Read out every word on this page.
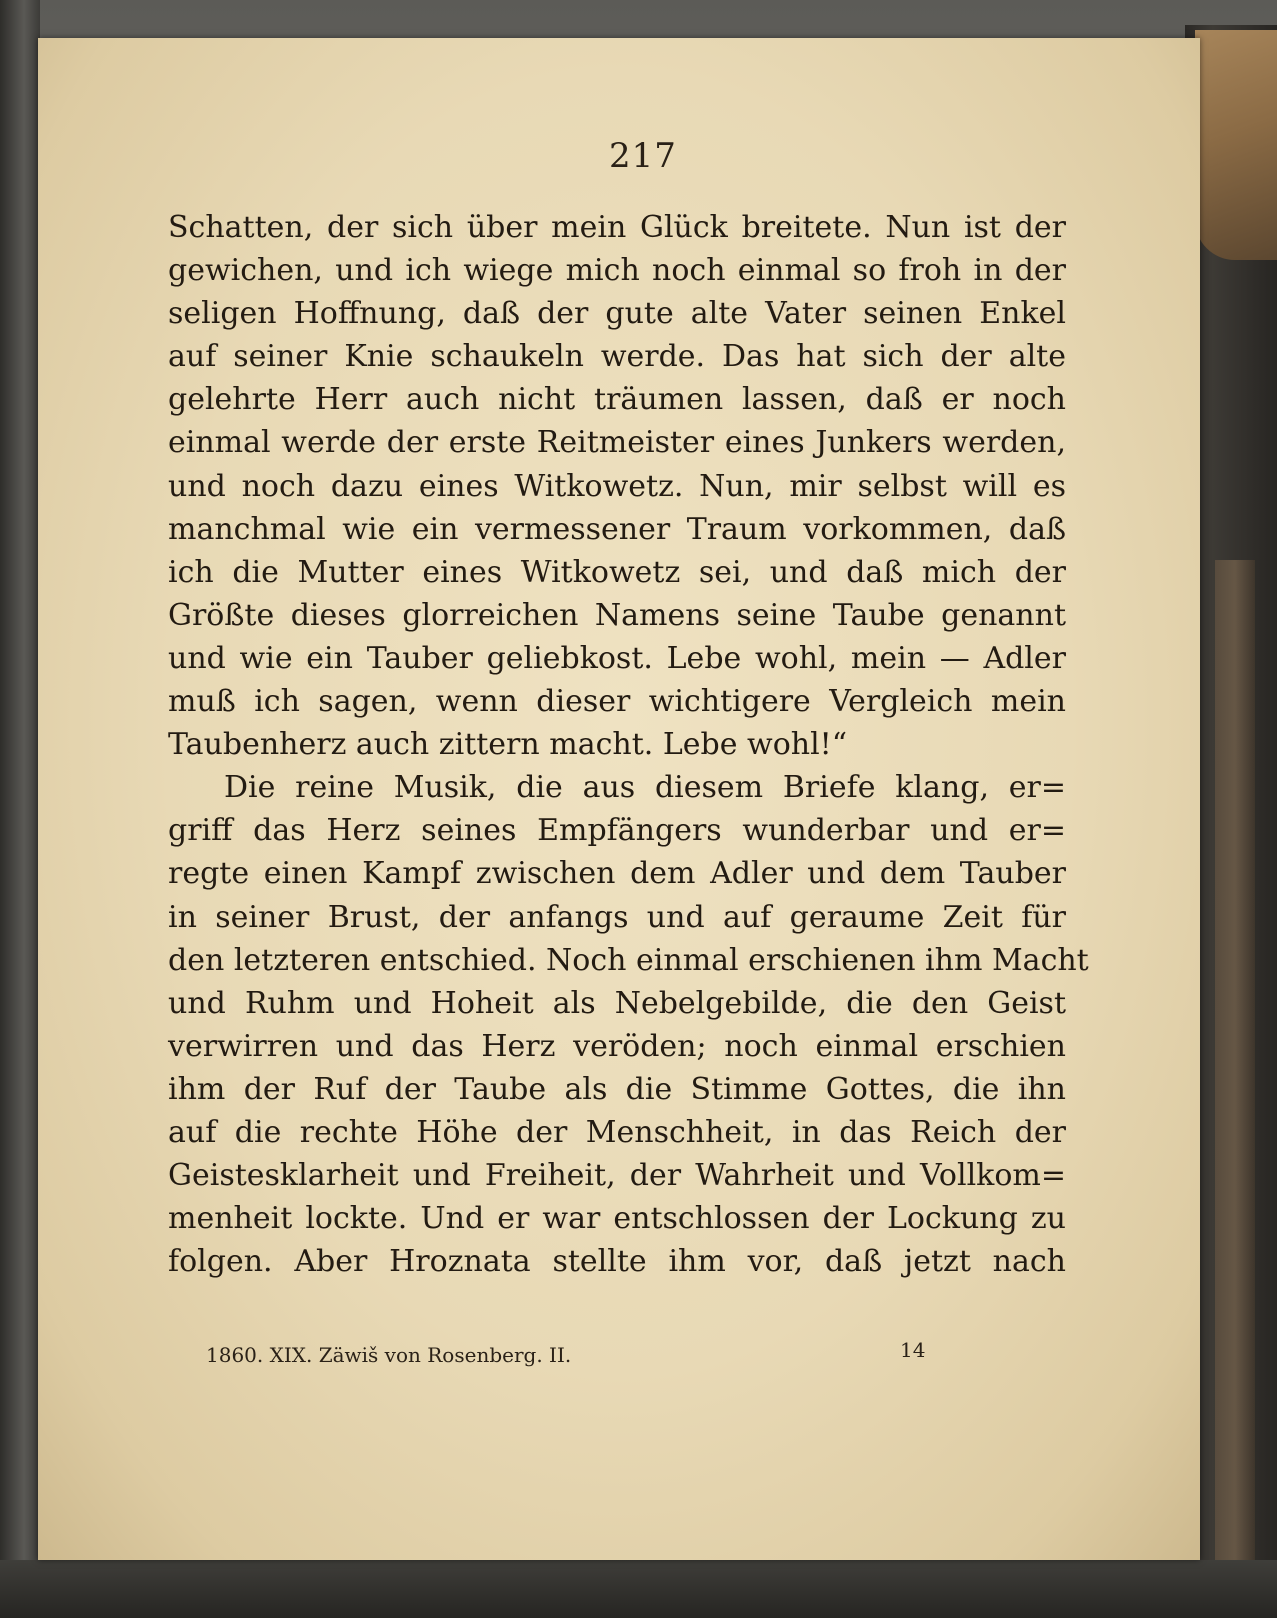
217
Schatten, der sich über mein Glück breitete. Nun ist der
gewichen, und ich wiege mich noch einmal so froh in der
seligen Hoffnung, daß der gute alte Vater seinen Enkel
auf seiner Knie schaukeln werde. Das hat sich der alte
gelehrte Herr auch nicht träumen lassen, daß er noch
einmal werde der erste Reitmeister eines Junkers werden,
und noch dazu eines Witkowetz. Nun, mir selbst will es
manchmal wie ein vermessener Traum vorkommen, daß
ich die Mutter eines Witkowetz sei, und daß mich der
Größte dieses glorreichen Namens seine Taube genannt
und wie ein Tauber geliebkost. Lebe wohl, mein — Adler
muß ich sagen, wenn dieser wichtigere Vergleich mein
Taubenherz auch zittern macht. Lebe wohl!“
Die reine Musik, die aus diesem Briefe klang, er=
griff das Herz seines Empfängers wunderbar und er=
regte einen Kampf zwischen dem Adler und dem Tauber
in seiner Brust, der anfangs und auf geraume Zeit für
den letzteren entschied. Noch einmal erschienen ihm Macht
und Ruhm und Hoheit als Nebelgebilde, die den Geist
verwirren und das Herz veröden; noch einmal erschien
ihm der Ruf der Taube als die Stimme Gottes, die ihn
auf die rechte Höhe der Menschheit, in das Reich der
Geistesklarheit und Freiheit, der Wahrheit und Vollkom=
menheit lockte. Und er war entschlossen der Lockung zu
folgen. Aber Hroznata stellte ihm vor, daß jetzt nach
1860. XIX. Zäwiš von Rosenberg. II.	14
